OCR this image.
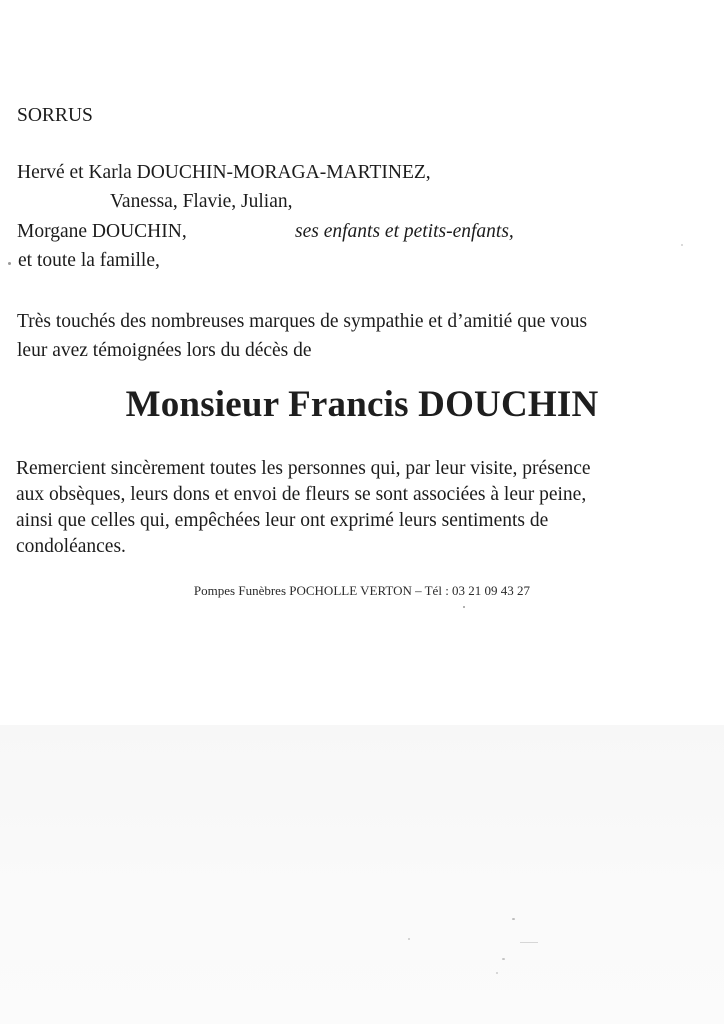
SORRUS
Hervé et Karla DOUCHIN-MORAGA-MARTINEZ,
Vanessa, Flavie, Julian,
Morgane DOUCHIN,	ses enfants et petits-enfants,
et toute la famille,
Très touchés des nombreuses marques de sympathie et d’amitié que vous
leur avez témoignées lors du décès de
Monsieur Francis DOUCHIN
Remercient sincèrement toutes les personnes qui, par leur visite, présence
aux obsèques, leurs dons et envoi de fleurs se sont associées à leur peine,
ainsi que celles qui, empêchées leur ont exprimé leurs sentiments de
condoléances.
Pompes Funèbres POCHOLLE VERTON – Tél : 03 21 09 43 27
